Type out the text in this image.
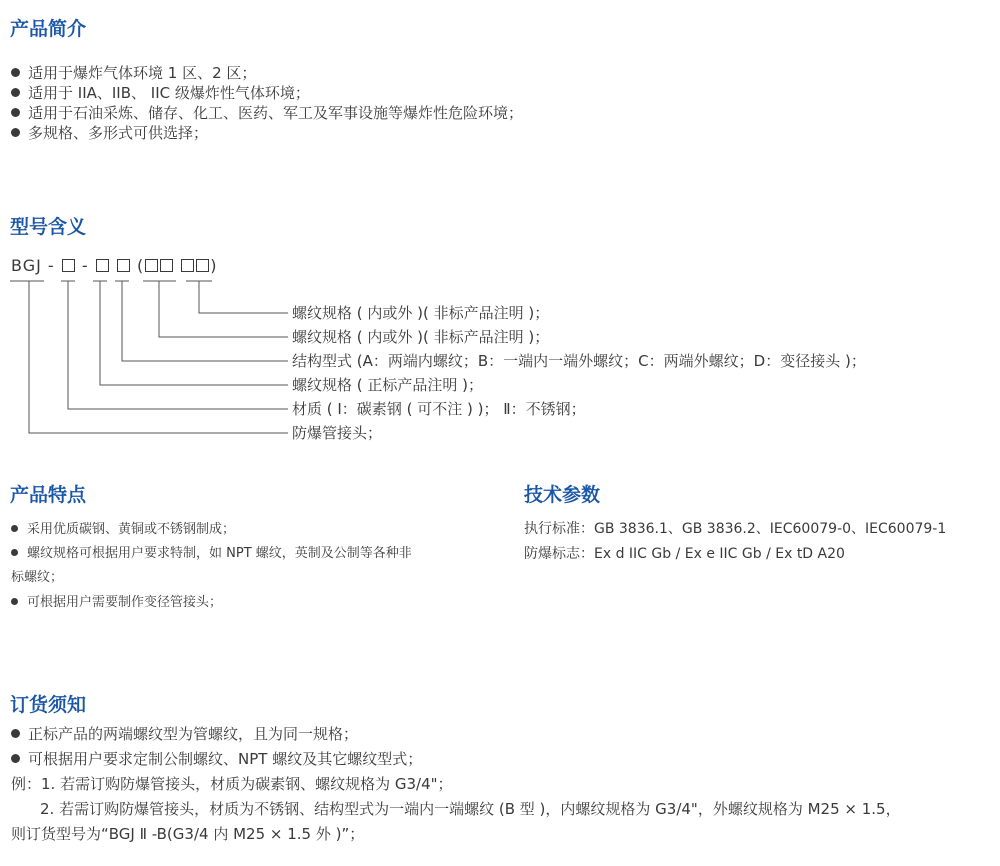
产品简介
适用于爆炸气体环境 1 区、2 区；
适用于 IIA、IIB、 IIC 级爆炸性气体环境；
适用于石油采炼、储存、化工、医药、军工及军事设施等爆炸性危险环境；
多规格、多形式可供选择；
型号含义
BGJ - -	(	)
螺纹规格 ( 内或外 )( 非标产品注明 )；
螺纹规格 ( 内或外 )( 非标产品注明 )；
结构型式 (A：两端内螺纹；B：一端内一端外螺纹；C：两端外螺纹；D：变径接头 )；
螺纹规格 ( 正标产品注明 )；
材质 ( Ⅰ：碳素钢 ( 可不注 ) )； Ⅱ：不锈钢；
防爆管接头；
产品特点
采用优质碳钢、黄铜或不锈钢制成；
螺纹规格可根据用户要求特制，如 NPT 螺纹，英制及公制等各种非
标螺纹；
可根据用户需要制作变径管接头；
技术参数
执行标准：GB 3836.1、GB 3836.2、IEC60079-0、IEC60079-1
防爆标志：Ex d IIC Gb / Ex e IIC Gb / Ex tD A20
订货须知
正标产品的两端螺纹型为管螺纹，且为同一规格；
可根据用户要求定制公制螺纹、NPT 螺纹及其它螺纹型式；
例：1. 若需订购防爆管接头，材质为碳素钢、螺纹规格为 G3/4"；
2. 若需订购防爆管接头，材质为不锈钢、结构型式为一端内一端螺纹 (B 型 )，内螺纹规格为 G3/4"，外螺纹规格为 M25 × 1.5，
则订货型号为“BGJ Ⅱ -B(G3/4 内 M25 × 1.5 外 )”；
